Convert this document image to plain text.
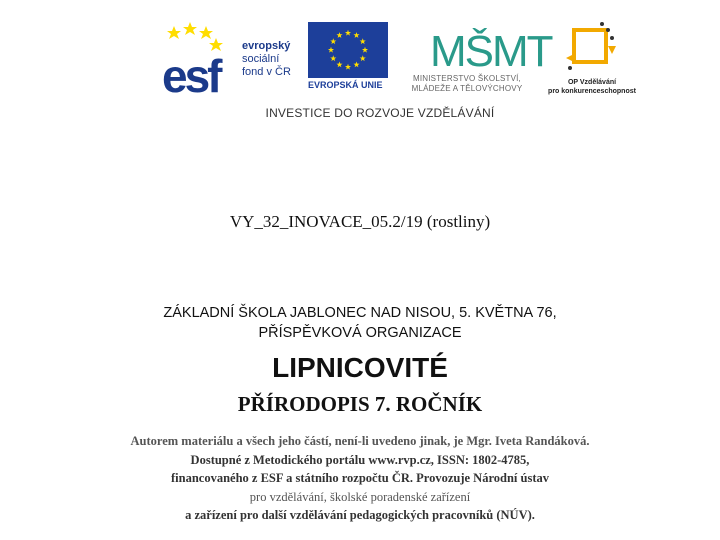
esf
evropský
sociální
fond v ČR
EVROPSKÁ UNIE
MŠMT
MINISTERSTVO ŠKOLSTVÍ,
MLÁDEŽE A TĚLOVÝCHOVY
OP Vzdělávání
pro konkurenceschopnost
INVESTICE DO ROZVOJE VZDĚLÁVÁNÍ
VY_32_INOVACE_05.2/19 (rostliny)
ZÁKLADNÍ ŠKOLA JABLONEC NAD NISOU, 5. KVĚTNA 76,
PŘÍSPĚVKOVÁ ORGANIZACE
LIPNICOVITÉ
PŘÍRODOPIS 7. ROČNÍK
Autorem materiálu a všech jeho částí, není-li uvedeno jinak, je Mgr. Iveta Randáková.
Dostupné z Metodického portálu www.rvp.cz, ISSN: 1802-4785,
financovaného z ESF a státního rozpočtu ČR. Provozuje Národní ústav
pro vzdělávání, školské poradenské zařízení
a zařízení pro další vzdělávání pedagogických pracovníků (NÚV).
